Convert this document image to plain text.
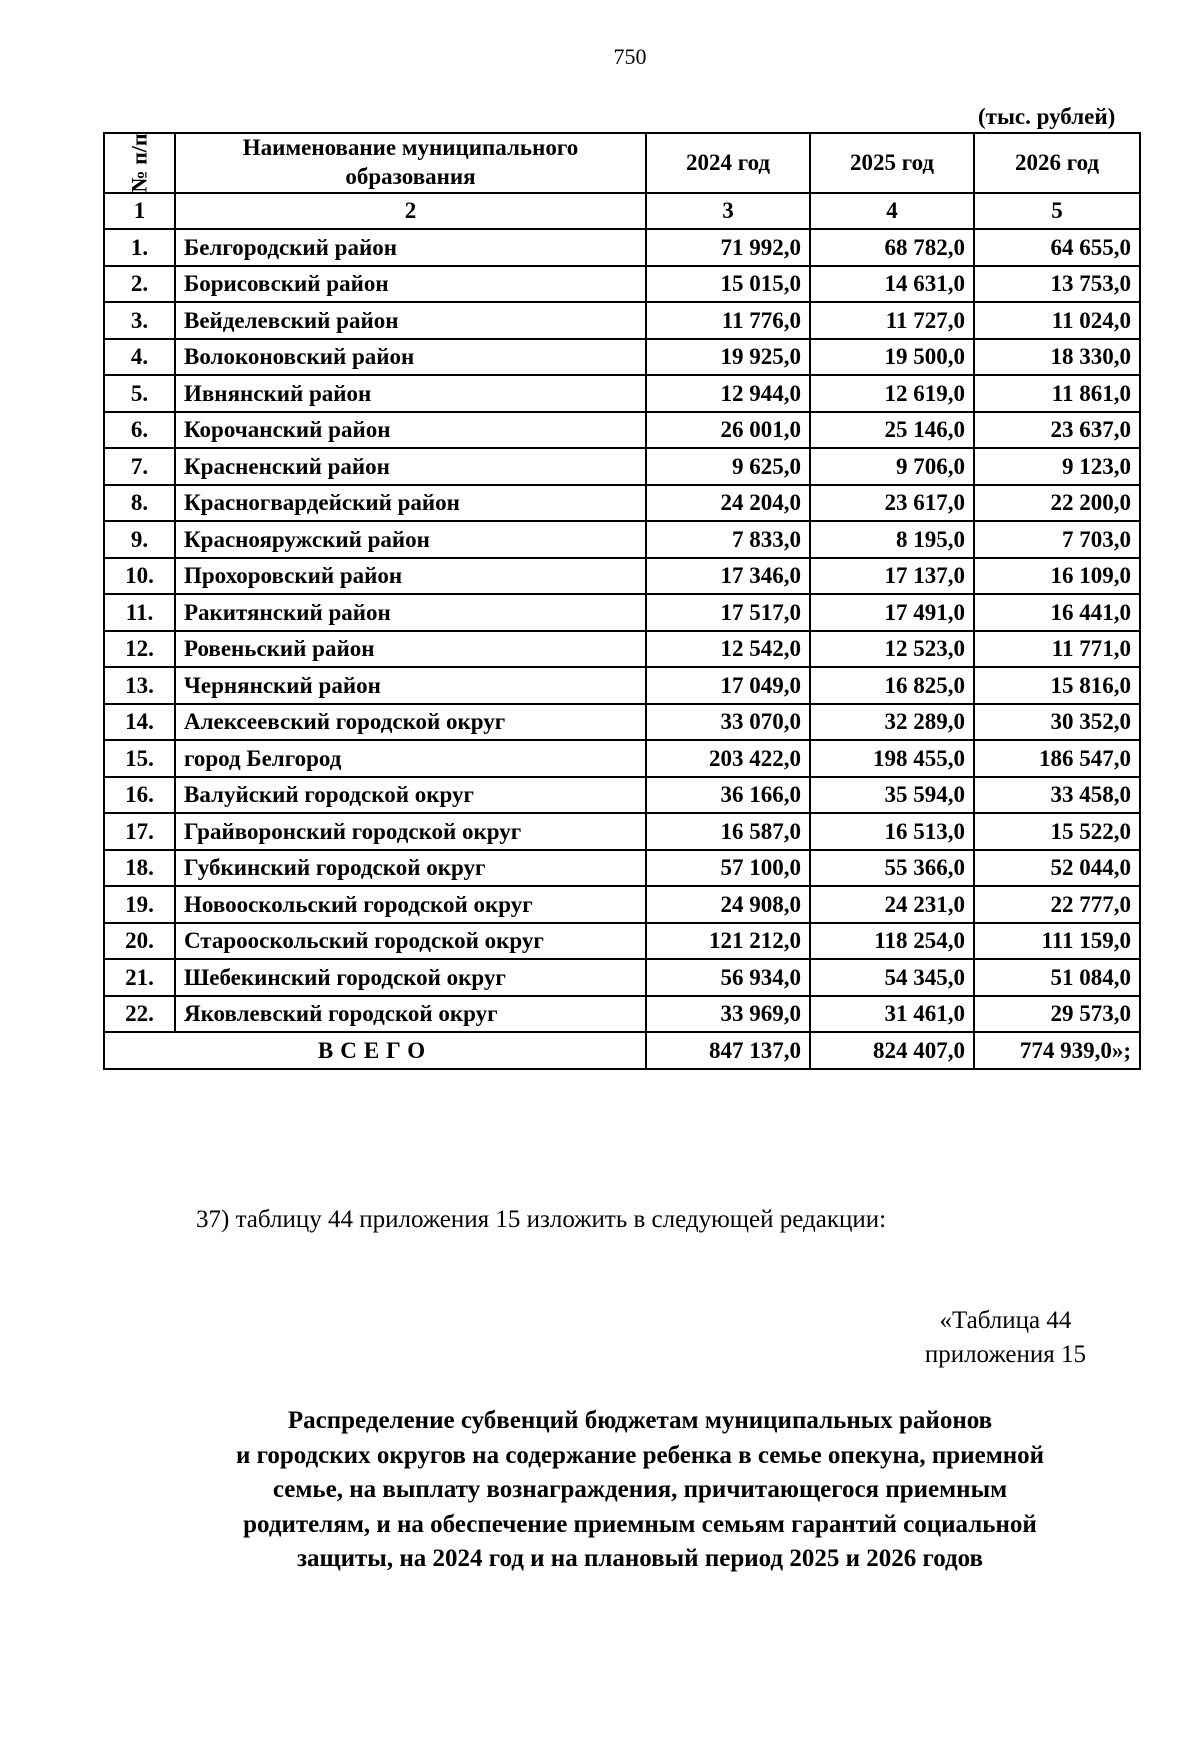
750
(тыс. рублей)
№ п/п	Наименование муниципального образования	2024 год	2025 год	2026 год
1	2	3	4	5
1.	Белгородский район	71 992,0	68 782,0	64 655,0
2.	Борисовский район	15 015,0	14 631,0	13 753,0
3.	Вейделевский район	11 776,0	11 727,0	11 024,0
4.	Волоконовский район	19 925,0	19 500,0	18 330,0
5.	Ивнянский район	12 944,0	12 619,0	11 861,0
6.	Корочанский район	26 001,0	25 146,0	23 637,0
7.	Красненский район	9 625,0	9 706,0	9 123,0
8.	Красногвардейский район	24 204,0	23 617,0	22 200,0
9.	Краснояружский район	7 833,0	8 195,0	7 703,0
10.	Прохоровский район	17 346,0	17 137,0	16 109,0
11.	Ракитянский район	17 517,0	17 491,0	16 441,0
12.	Ровеньский район	12 542,0	12 523,0	11 771,0
13.	Чернянский район	17 049,0	16 825,0	15 816,0
14.	Алексеевский городской округ	33 070,0	32 289,0	30 352,0
15.	город Белгород	203 422,0	198 455,0	186 547,0
16.	Валуйский городской округ	36 166,0	35 594,0	33 458,0
17.	Грайворонский городской округ	16 587,0	16 513,0	15 522,0
18.	Губкинский городской округ	57 100,0	55 366,0	52 044,0
19.	Новооскольский городской округ	24 908,0	24 231,0	22 777,0
20.	Старооскольский городской округ	121 212,0	118 254,0	111 159,0
21.	Шебекинский городской округ	56 934,0	54 345,0	51 084,0
22.	Яковлевский городской округ	33 969,0	31 461,0	29 573,0
ВСЕГО		847 137,0	824 407,0	774 939,0»;
37) таблицу 44 приложения 15 изложить в следующей редакции:
«Таблица 44
приложения 15
Распределение субвенций бюджетам муниципальных районов
и городских округов на содержание ребенка в семье опекуна, приемной
семье, на выплату вознаграждения, причитающегося приемным
родителям, и на обеспечение приемным семьям гарантий социальной
защиты, на 2024 год и на плановый период 2025 и 2026 годов
